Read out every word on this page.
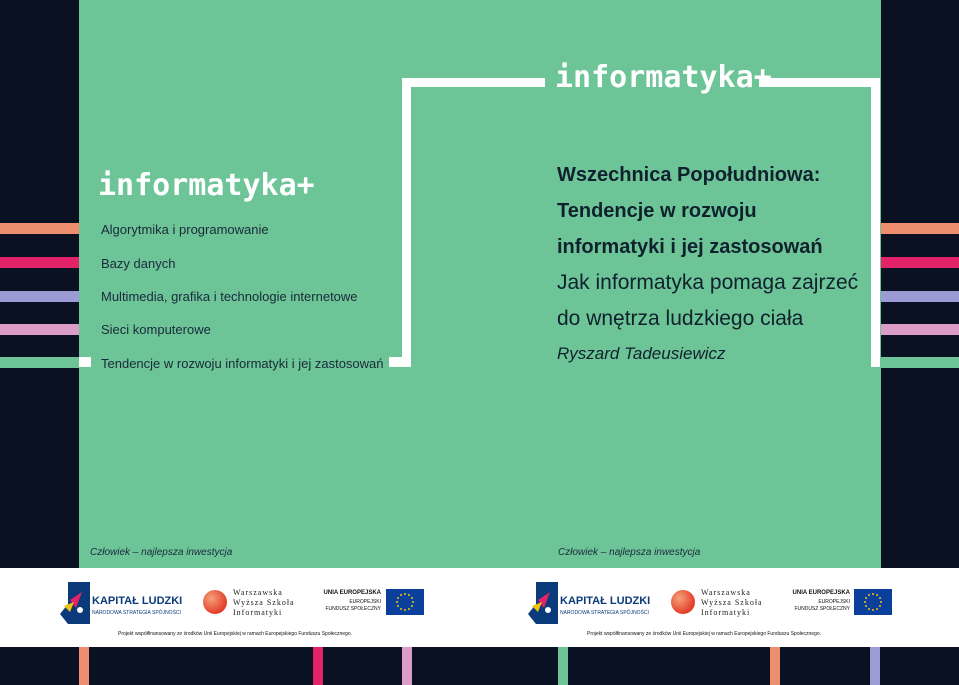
informatyka+
informatyka+
Algorytmika i programowanie
Bazy danych
Multimedia, grafika i technologie internetowe
Sieci komputerowe
Tendencje w rozwoju informatyki i jej zastosowań
Wszechnica Popołudniowa:
Tendencje w rozwoju
informatyki i jej zastosowań
Jak informatyka pomaga zajrzeć
do wnętrza ludzkiego ciała
Ryszard Tadeusiewicz
Człowiek – najlepsza inwestycja	Człowiek – najlepsza inwestycja
KAPITAŁ LUDZKI
NARODOWA STRATEGIA SPÓJNOŚCI
Warszawska
Wyższa Szkoła
Informatyki
UNIA EUROPEJSKA
EUROPEJSKI
FUNDUSZ SPOŁECZNY
Projekt współfinansowany ze środków Unii Europejskiej w ramach Europejskiego Funduszu Społecznego.
KAPITAŁ LUDZKI
NARODOWA STRATEGIA SPÓJNOŚCI
Warszawska
Wyższa Szkoła
Informatyki
UNIA EUROPEJSKA
EUROPEJSKI
FUNDUSZ SPOŁECZNY
Projekt współfinansowany ze środków Unii Europejskiej w ramach Europejskiego Funduszu Społecznego.
